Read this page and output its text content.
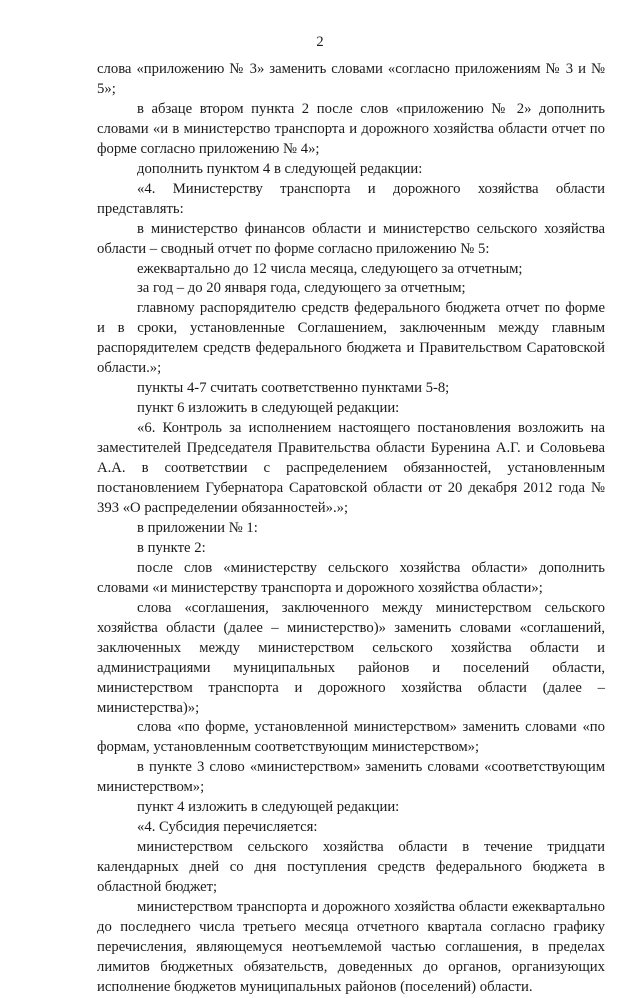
2

слова «приложению № 3» заменить словами «согласно приложениям № 3 и № 5»;

в абзаце втором пункта 2 после слов «приложению № 2» дополнить словами «и в министерство транспорта и дорожного хозяйства области отчет по форме согласно приложению № 4»;

дополнить пунктом 4 в следующей редакции:

«4. Министерству транспорта и дорожного хозяйства области представлять:

в министерство финансов области и министерство сельского хозяйства области – сводный отчет по форме согласно приложению № 5:

ежеквартально до 12 числа месяца, следующего за отчетным;

за год – до 20 января года, следующего за отчетным;

главному распорядителю средств федерального бюджета отчет по форме и в сроки, установленные Соглашением, заключенным между главным распорядителем средств федерального бюджета и Правительством Саратовской области.»;

пункты 4-7 считать соответственно пунктами 5-8;

пункт 6 изложить в следующей редакции:

«6. Контроль за исполнением настоящего постановления возложить на заместителей Председателя Правительства области Буренина А.Г. и Соловьева А.А. в соответствии с распределением обязанностей, установленным постановлением Губернатора Саратовской области от 20 декабря 2012 года № 393 «О распределении обязанностей».»;

в приложении № 1:

в пункте 2:

после слов «министерству сельского хозяйства области» дополнить словами «и министерству транспорта и дорожного хозяйства области»;

слова «соглашения, заключенного между министерством сельского хозяйства области (далее – министерство)» заменить словами «соглашений, заключенных между министерством сельского хозяйства области и администрациями муниципальных районов и поселений области, министерством транспорта и дорожного хозяйства области (далее – министерства)»;

слова «по форме, установленной министерством» заменить словами «по формам, установленным соответствующим министерством»;

в пункте 3 слово «министерством» заменить словами «соответствующим министерством»;

пункт 4 изложить в следующей редакции:

«4. Субсидия перечисляется:

министерством сельского хозяйства области в течение тридцати календарных дней со дня поступления средств федерального бюджета в областной бюджет;

министерством транспорта и дорожного хозяйства области ежеквартально до последнего числа третьего месяца отчетного квартала согласно графику перечисления, являющемуся неотъемлемой частью соглашения, в пределах лимитов бюджетных обязательств, доведенных до органов, организующих исполнение бюджетов муниципальных районов (поселений) области.
